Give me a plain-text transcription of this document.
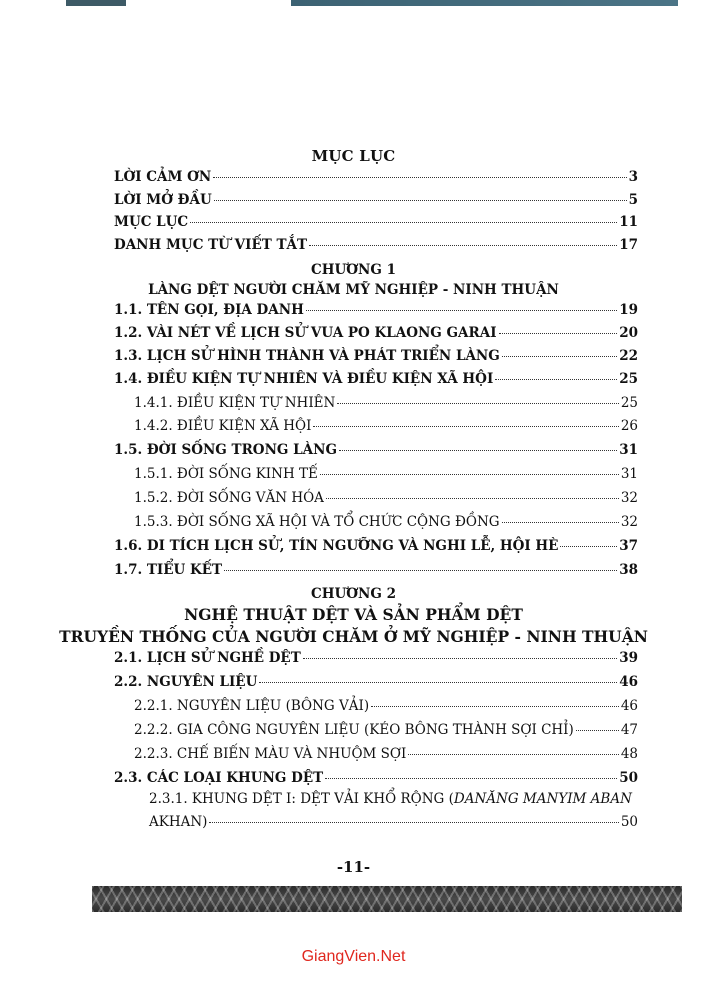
MỤC LỤC
LỜI CẢM ƠN	3
LỜI MỞ ĐẦU	5
MỤC LỤC	11
DANH MỤC TỪ VIẾT TẮT	17
CHƯƠNG 1
LÀNG DỆT NGƯỜI CHĂM MỸ NGHIỆP - NINH THUẬN
1.1. TÊN GỌI, ĐỊA DANH	19
1.2. VÀI NÉT VỀ LỊCH SỬ VUA PO KLAONG GARAI	20
1.3. LỊCH SỬ HÌNH THÀNH VÀ PHÁT TRIỂN LÀNG	22
1.4. ĐIỀU KIỆN TỰ NHIÊN VÀ ĐIỀU KIỆN XÃ HỘI	25
1.4.1. ĐIỀU KIỆN TỰ NHIÊN	25
1.4.2. ĐIỀU KIỆN XÃ HỘI	26
1.5. ĐỜI SỐNG TRONG LÀNG	31
1.5.1. ĐỜI SỐNG KINH TẾ	31
1.5.2. ĐỜI SỐNG VĂN HÓA	32
1.5.3. ĐỜI SỐNG XÃ HỘI VÀ TỔ CHỨC CỘNG ĐỒNG	32
1.6. DI TÍCH LỊCH SỬ, TÍN NGƯỠNG VÀ NGHI LỄ, HỘI HÈ	37
1.7. TIỂU KẾT	38
CHƯƠNG 2
NGHỆ THUẬT DỆT VÀ SẢN PHẨM DỆT
TRUYỀN THỐNG CỦA NGƯỜI CHĂM Ở MỸ NGHIỆP - NINH THUẬN
2.1. LỊCH SỬ NGHỀ DỆT	39
2.2. NGUYÊN LIỆU	46
2.2.1. NGUYÊN LIỆU (BÔNG VẢI)	46
2.2.2. GIA CÔNG NGUYÊN LIỆU (KÉO BÔNG THÀNH SỢI CHỈ)	47
2.2.3. CHẾ BIẾN MÀU VÀ NHUỘM SỢI	48
2.3. CÁC LOẠI KHUNG DỆT	50
2.3.1. KHUNG DỆT I: DỆT VẢI KHỔ RỘNG (DANĂNG MANYIM ABAN
AKHAN)	50
-11-
GiangVien.Net
